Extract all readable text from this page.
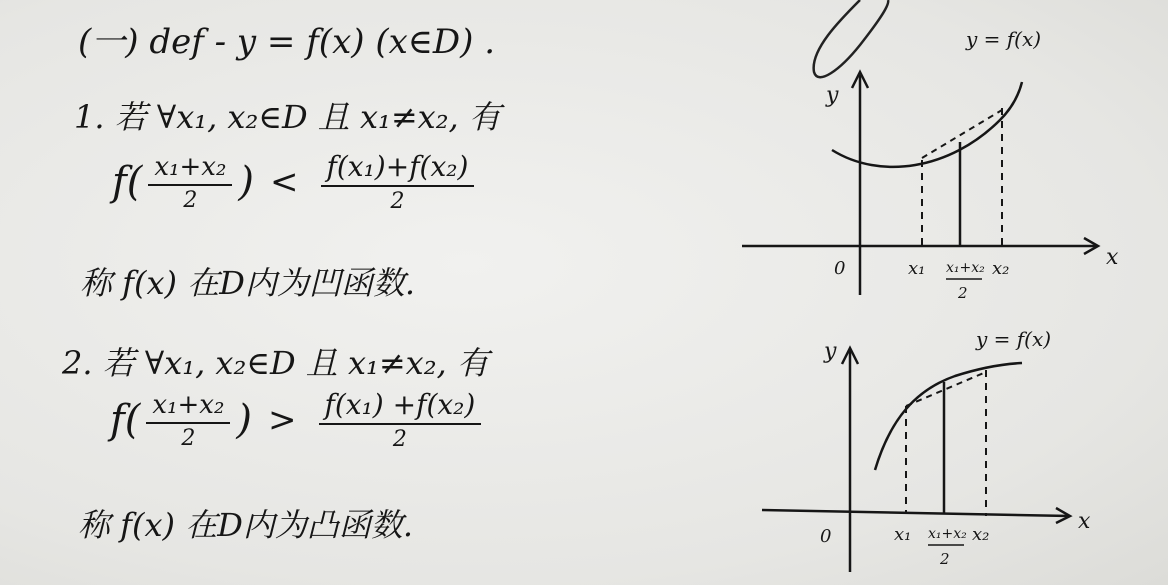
(一) def - y = f(x) (x∈D) .
1. 若 ∀x₁, x₂∈D 且 x₁≠x₂, 有
$f( \frac{\text{x₁+x₂}}{2}$ ) < $\frac{\text{f(x₁)+f(x₂)}}{2}$
称 f(x) 在D内为凹函数.
2. 若 ∀x₁, x₂∈D 且 x₁≠x₂, 有
$f( \frac{\text{x₁+x₂}}{2}$ ) > $\frac{\text{f(x₁) +f(x₂)}}{2}$
称 f(x) 在D内为凸函数.
y = f(x)
y
x
0	x₁ x₁+x₂
2
x₂
y = f(x)
y
x
0	x₁ x₁+x₂
2
x₂
